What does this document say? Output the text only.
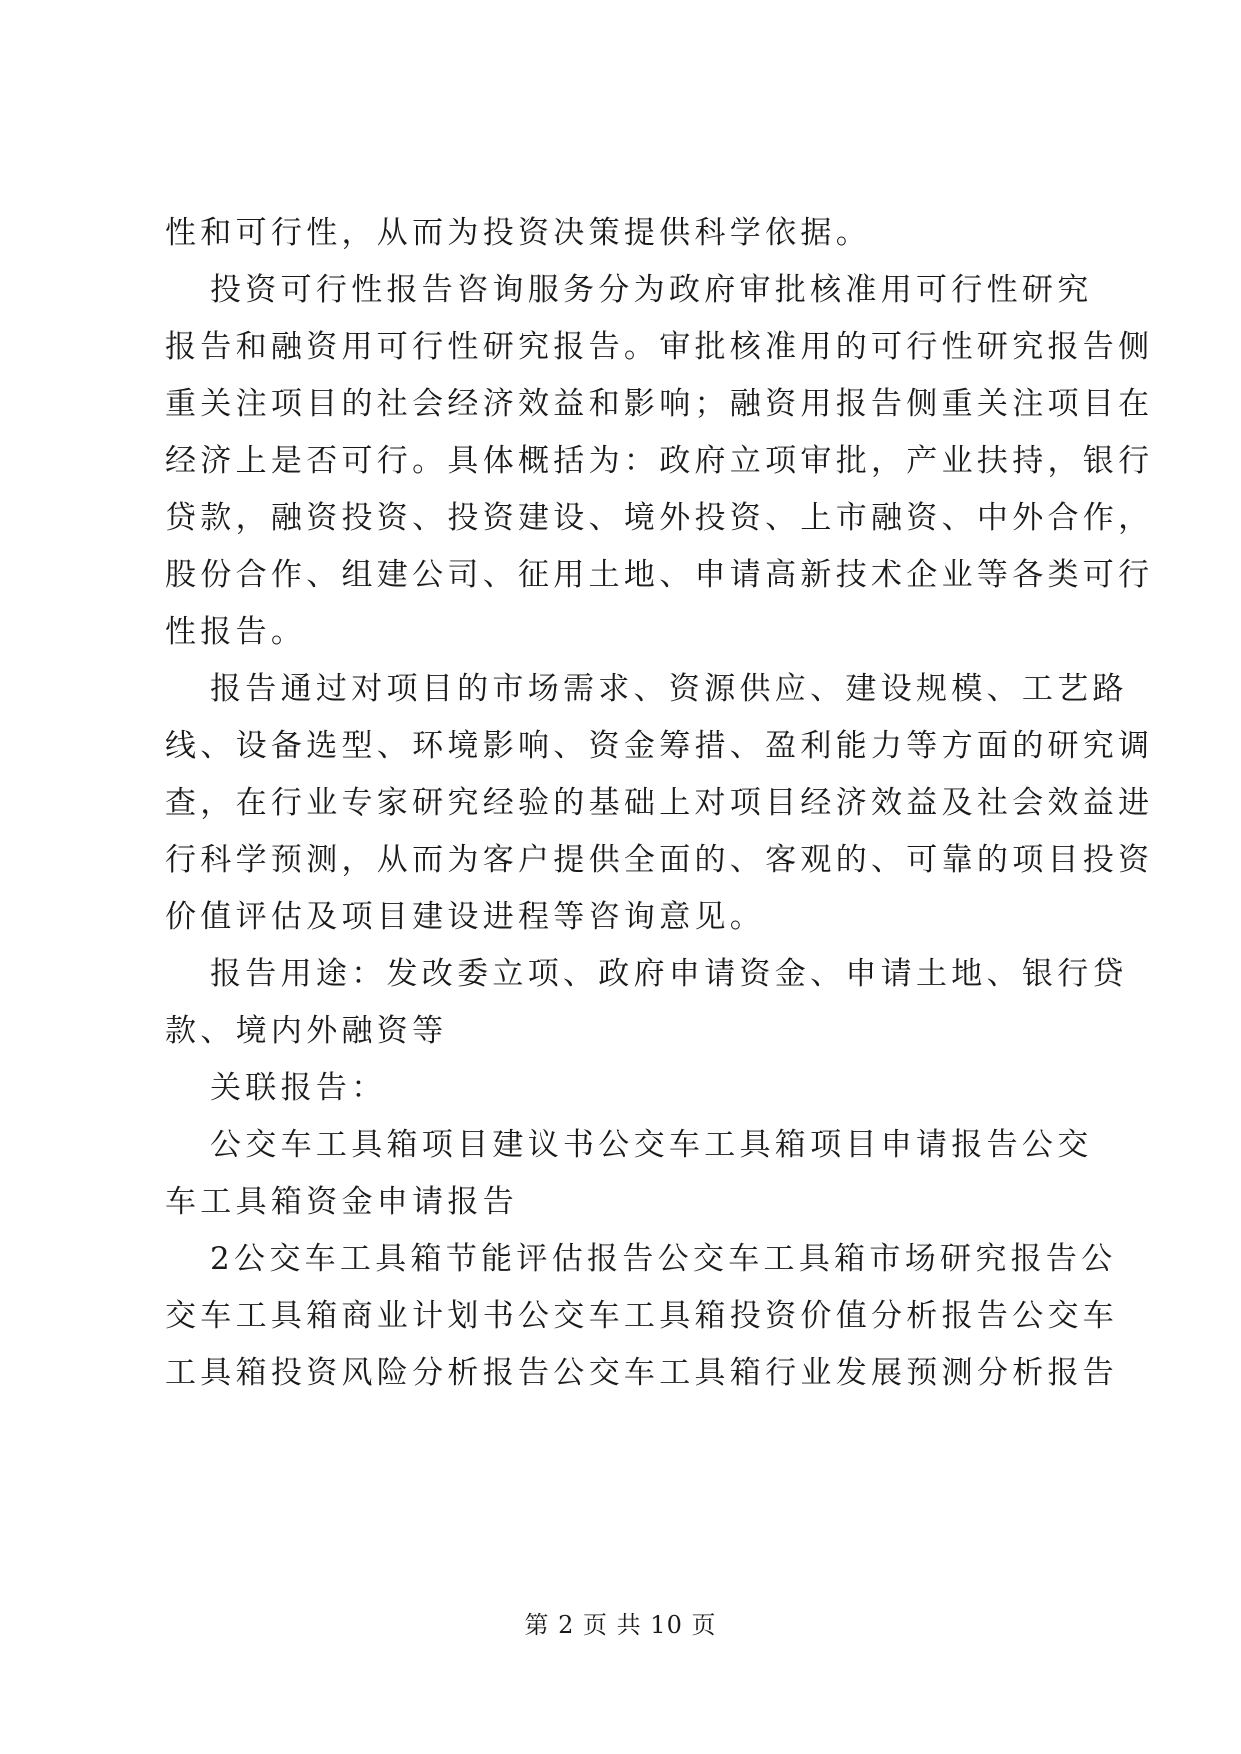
性和可行性，从而为投资决策提供科学依据。
投资可行性报告咨询服务分为政府审批核准用可行性研究
报告和融资用可行性研究报告。审批核准用的可行性研究报告侧
重关注项目的社会经济效益和影响；融资用报告侧重关注项目在
经济上是否可行。具体概括为：政府立项审批，产业扶持，银行
贷款，融资投资、投资建设、境外投资、上市融资、中外合作，
股份合作、组建公司、征用土地、申请高新技术企业等各类可行
性报告。
报告通过对项目的市场需求、资源供应、建设规模、工艺路
线、设备选型、环境影响、资金筹措、盈利能力等方面的研究调
查，在行业专家研究经验的基础上对项目经济效益及社会效益进
行科学预测，从而为客户提供全面的、客观的、可靠的项目投资
价值评估及项目建设进程等咨询意见。
报告用途：发改委立项、政府申请资金、申请土地、银行贷
款、境内外融资等
关联报告：
公交车工具箱项目建议书公交车工具箱项目申请报告公交
车工具箱资金申请报告
2公交车工具箱节能评估报告公交车工具箱市场研究报告公
交车工具箱商业计划书公交车工具箱投资价值分析报告公交车
工具箱投资风险分析报告公交车工具箱行业发展预测分析报告
第 2 页 共 10 页
